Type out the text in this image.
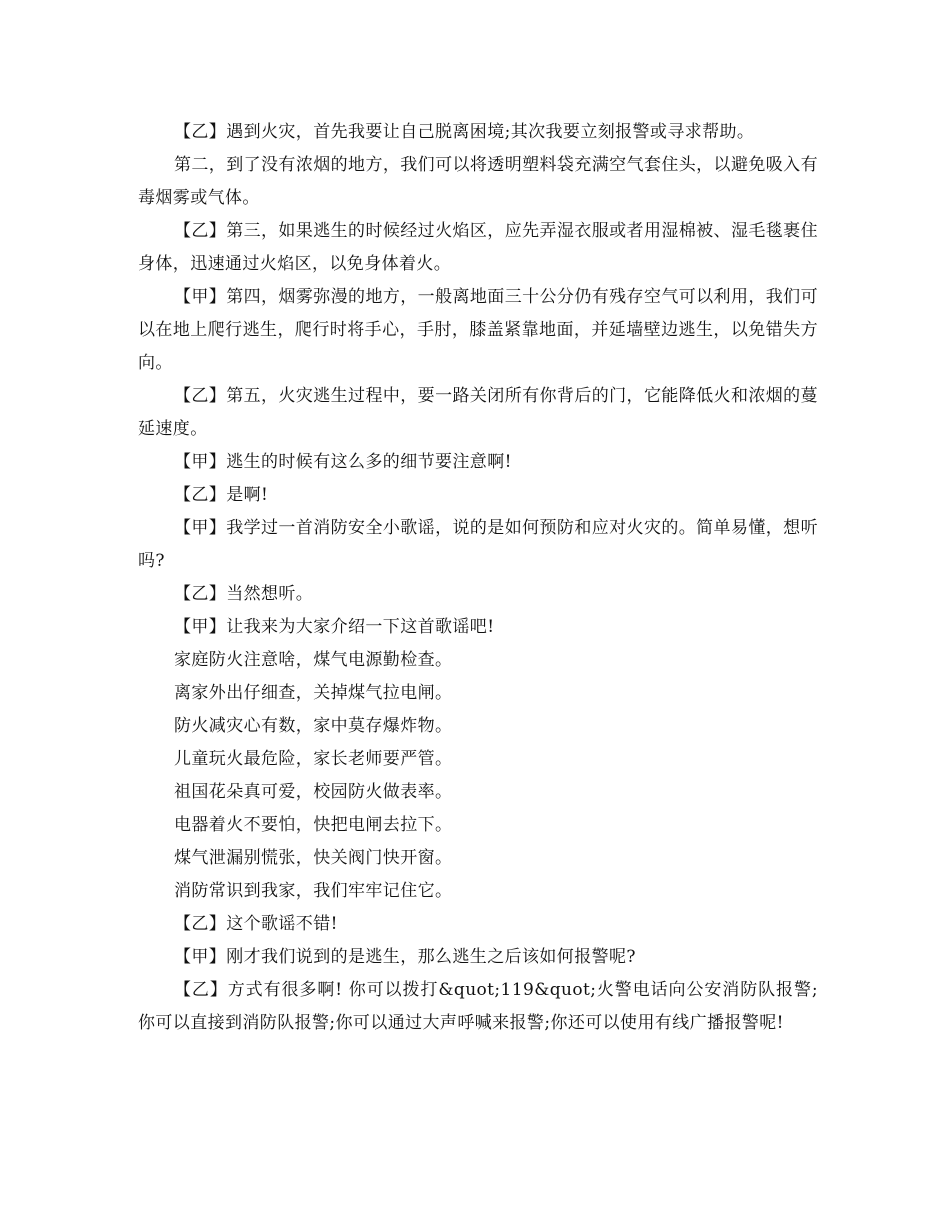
【乙】遇到火灾，首先我要让自己脱离困境;其次我要立刻报警或寻求帮助。

第二，到了没有浓烟的地方，我们可以将透明塑料袋充满空气套住头，以避免吸入有毒烟雾或气体。

【乙】第三，如果逃生的时候经过火焰区，应先弄湿衣服或者用湿棉被、湿毛毯裹住身体，迅速通过火焰区，以免身体着火。

【甲】第四，烟雾弥漫的地方，一般离地面三十公分仍有残存空气可以利用，我们可以在地上爬行逃生，爬行时将手心，手肘，膝盖紧靠地面，并延墙壁边逃生，以免错失方向。

【乙】第五，火灾逃生过程中，要一路关闭所有你背后的门，它能降低火和浓烟的蔓延速度。

【甲】逃生的时候有这么多的细节要注意啊!

【乙】是啊!

【甲】我学过一首消防安全小歌谣，说的是如何预防和应对火灾的。简单易懂，想听吗?

【乙】当然想听。

【甲】让我来为大家介绍一下这首歌谣吧!

家庭防火注意啥，煤气电源勤检查。

离家外出仔细查，关掉煤气拉电闸。

防火减灾心有数，家中莫存爆炸物。

儿童玩火最危险，家长老师要严管。

祖国花朵真可爱，校园防火做表率。

电器着火不要怕，快把电闸去拉下。

煤气泄漏别慌张，快关阀门快开窗。

消防常识到我家，我们牢牢记住它。

【乙】这个歌谣不错!

【甲】刚才我们说到的是逃生，那么逃生之后该如何报警呢?

【乙】方式有很多啊! 你可以拨打&quot;119&quot;火警电话向公安消防队报警;你可以直接到消防队报警;你可以通过大声呼喊来报警;你还可以使用有线广播报警呢!
